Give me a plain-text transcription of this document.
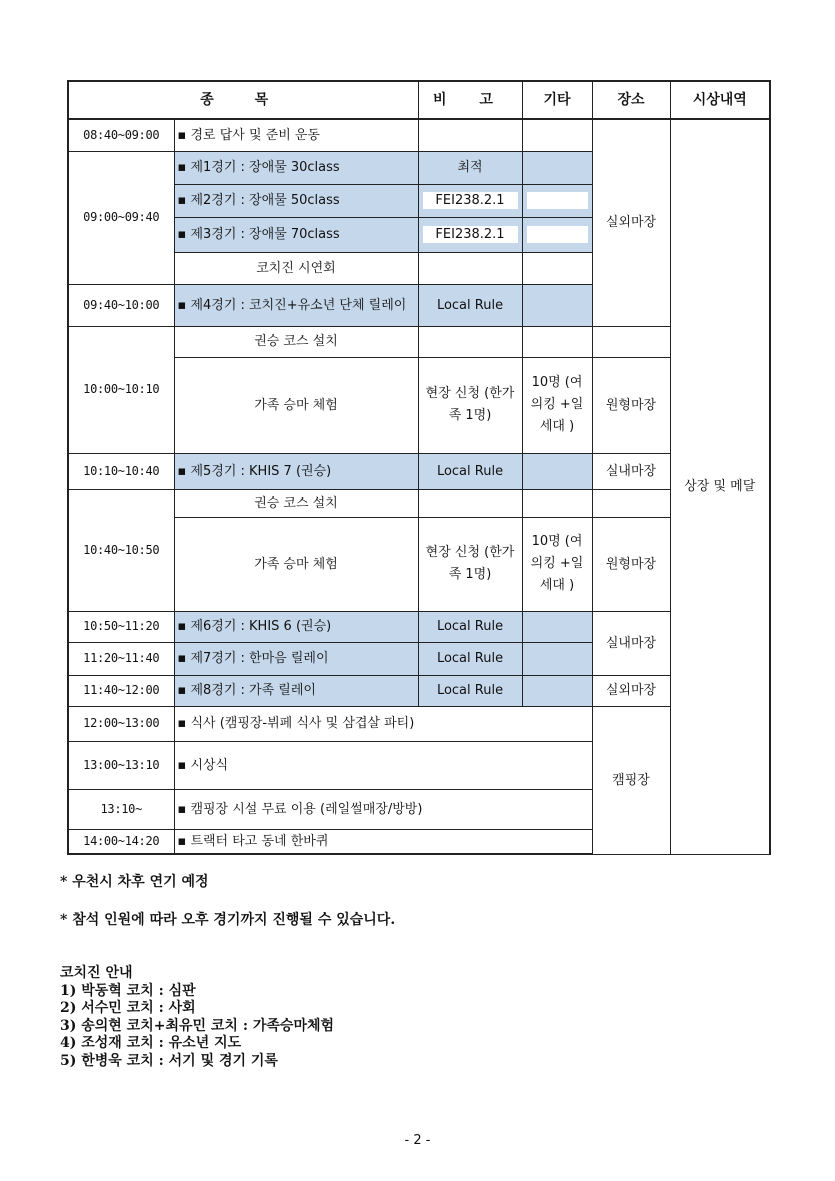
종 목		비 고	기타	장소	시상내역
08:40~09:00	▪ 경로 답사 및 준비 운동			실외마장	상장 및 메달
09:00~09:40	▪ 제1경기 : 장애물 30class	최적			
	▪ 제2경기 : 장애물 50class	FEI238.2.1			

	▪ 제3경기 : 장애물 70class	FEI238.2.1			

	코치진 시연회				
09:40~10:00	▪ 제4경기 : 코치진+유소년 단체 릴레이	Local Rule			
10:00~10:10	권승 코스 설치				
	가족 승마 체험	현장 신청 (한가족 1명)	10명 (여의킹 +일세대 )	원형마장	
10:10~10:40	▪ 제5경기 : KHIS 7 (권승)	Local Rule		실내마장	
10:40~10:50	권승 코스 설치				
	가족 승마 체험	현장 신청 (한가족 1명)	10명 (여의킹 +일세대 )	원형마장	
10:50~11:20	▪ 제6경기 : KHIS 6 (권승)	Local Rule		실내마장	
11:20~11:40	▪ 제7경기 : 한마음 릴레이	Local Rule			
11:40~12:00	▪ 제8경기 : 가족 릴레이	Local Rule		실외마장	
12:00~13:00	▪ 식사 (캠핑장-뷔페 식사 및 삼겹살 파티)			캠핑장	
13:00~13:10	▪ 시상식				
13:10~	▪ 캠핑장 시설 무료 이용 (레일썰매장/방방)				
14:00~14:20	▪ 트랙터 타고 동네 한바퀴				
* 우천시 차후 연기 예정
* 참석 인원에 따라 오후 경기까지 진행될 수 있습니다.
코치진 안내
1) 박동혁 코치 : 심판
2) 서수민 코치 : 사회
3) 송의현 코치+최유민 코치 : 가족승마체험
4) 조성재 코치 : 유소년 지도
5) 한병욱 코치 : 서기 및 경기 기록
- 2 -
